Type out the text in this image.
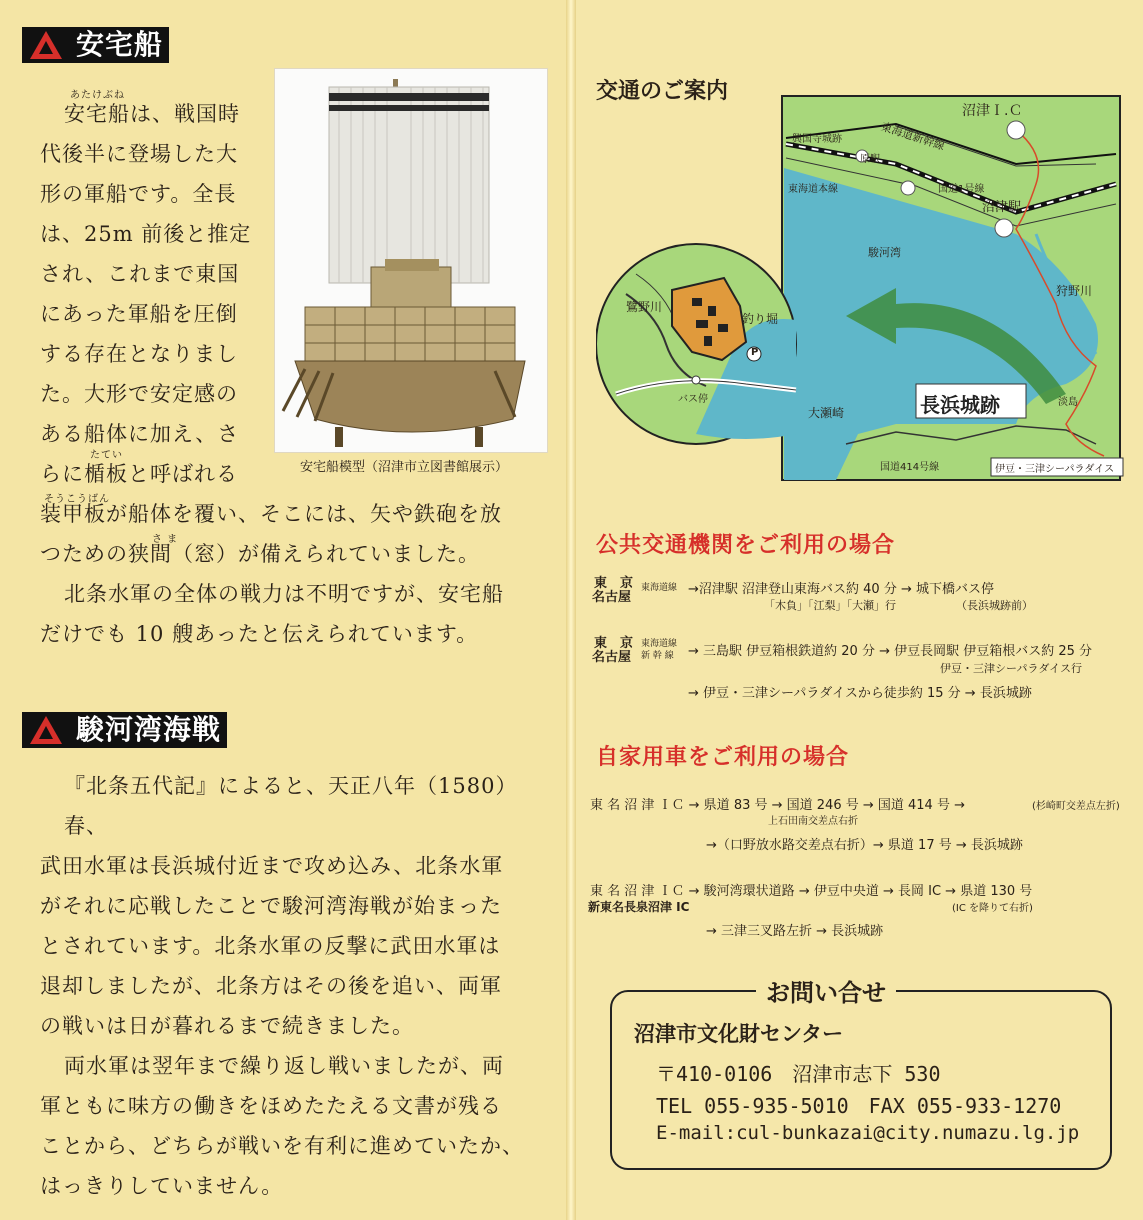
安宅船
あたけぶね
安宅船は、戦国時
代後半に登場した大
形の軍船です。全長
は、25m 前後と推定
され、これまで東国
にあった軍船を圧倒
する存在となりまし
た。大形で安定感の
ある船体に加え、さ
らに楯板と呼ばれる
たてい
そうこうばん
さ ま
装甲板が船体を覆い、そこには、矢や鉄砲を放
つための狭間（窓）が備えられていました。
北条水軍の全体の戦力は不明ですが、安宅船
だけでも 10 艘あったと伝えられています。
安宅船模型（沼津市立図書館展示）
駿河湾海戦
『北条五代記』によると、天正八年（1580）春、
武田水軍は長浜城付近まで攻め込み、北条水軍
がそれに応戦したことで駿河湾海戦が始まった
とされています。北条水軍の反撃に武田水軍は
退却しましたが、北条方はその後を追い、両軍
の戦いは日が暮れるまで続きました。
両水軍は翌年まで繰り返し戦いましたが、両
軍ともに味方の働きをほめたたえる文書が残る
ことから、どちらが戦いを有利に進めていたか、
はっきりしていません。
交通のご案内
沼津Ｉ.Ｃ
東海道新幹線
興国寺城跡
原駅
東海道本線	国道1号線
沼津駅
駿河湾
狩野川
鷺野川
釣り堀
P
バス停	長浜城跡	淡島
大瀬崎
国道414号線	伊豆・三津シーパラダイス
公共交通機関をご利用の場合
東　京
名古屋
東海道線 →沼津駅 沼津登山東海バス約 40 分 → 城下橋バス停
「木負」「江梨」「大瀬」行	（長浜城跡前）
東　京
名古屋
東海道線
新 幹 線 → 三島駅 伊豆箱根鉄道約 20 分 → 伊豆長岡駅 伊豆箱根バス約 25 分
伊豆・三津シーパラダイス行
→ 伊豆・三津シーパラダイスから徒歩約 15 分 → 長浜城跡
自家用車をご利用の場合
東 名 沼 津 ＩＣ → 県道 83 号 → 国道 246 号 → 国道 414 号 →	(杉崎町交差点左折)
上石田南交差点右折
→（口野放水路交差点右折）→ 県道 17 号 → 長浜城跡
東 名 沼 津 ＩＣ → 駿河湾環状道路 → 伊豆中央道 → 長岡 IC → 県道 130 号
新東名長泉沼津 IC	(IC を降りて右折)
→ 三津三叉路左折 → 長浜城跡
お問い合せ
沼津市文化財センター
〒410-0106　沼津市志下 530
TEL 055-935-5010　FAX 055-933-1270
E-mail:cul-bunkazai@city.numazu.lg.jp
